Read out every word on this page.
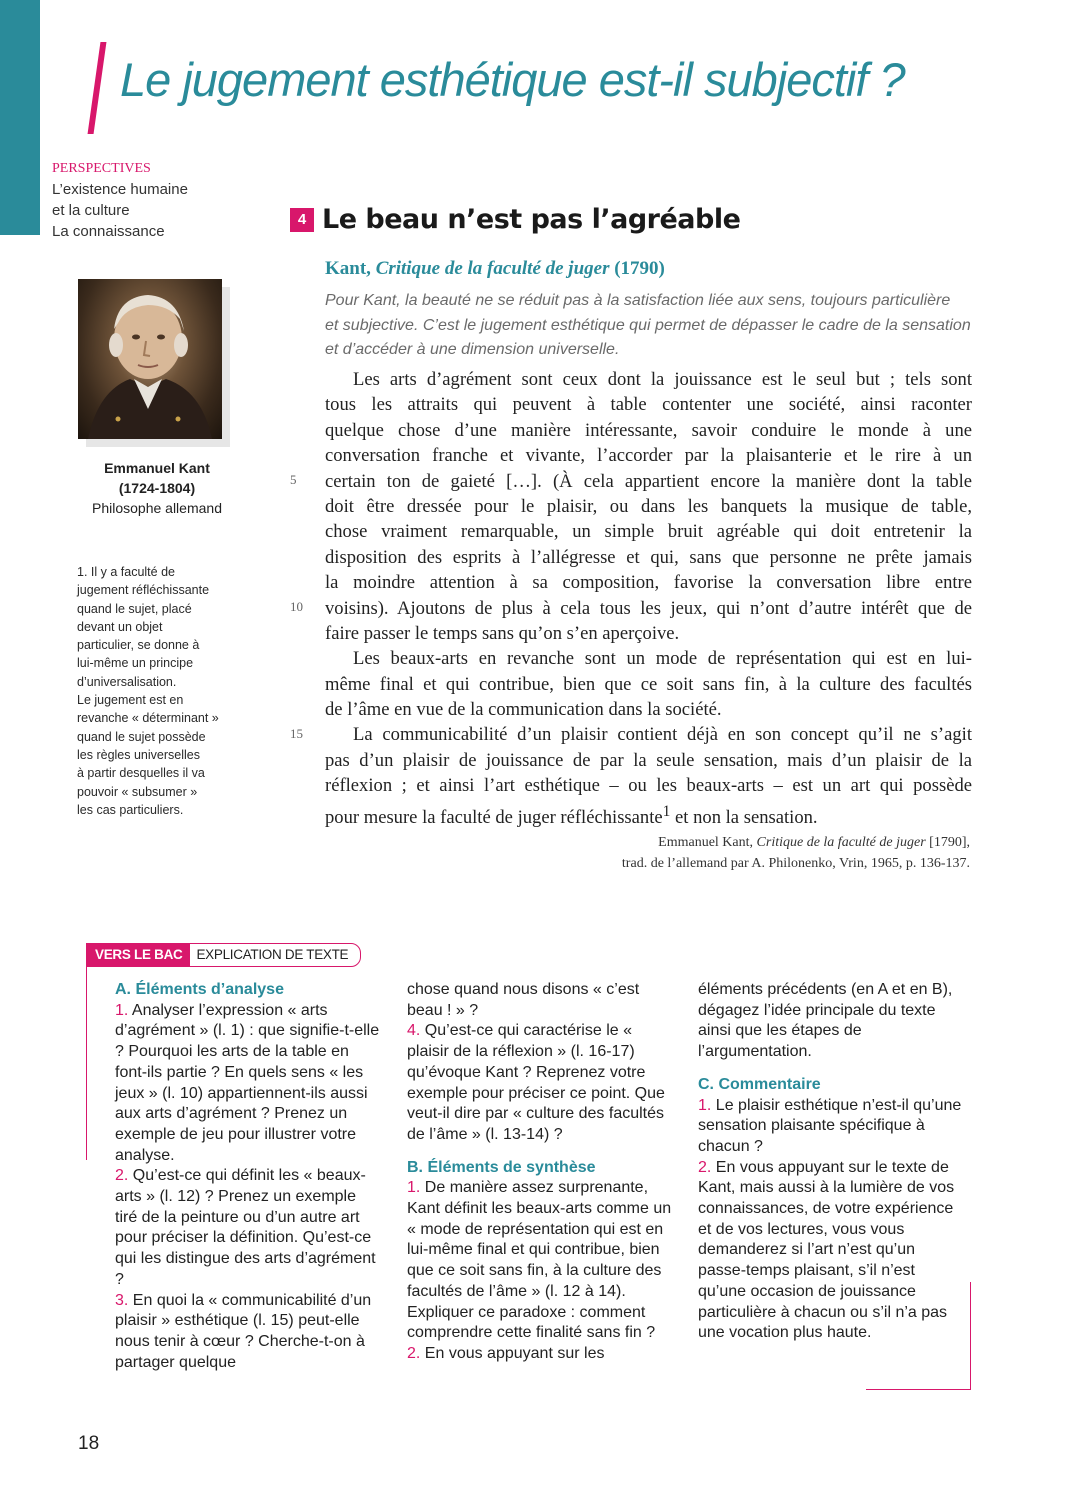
Le jugement esthétique est-il subjectif ?
PERSPECTIVES
L’existence humaine
et la culture
La connaissance
Emmanuel Kant
(1724-1804)
Philosophe allemand
1. Il y a faculté de
jugement réfléchissante
quand le sujet, placé
devant un objet
particulier, se donne à
lui-même un principe
d’universalisation.
Le jugement est en
revanche « déterminant »
quand le sujet possède
les règles universelles
à partir desquelles il va
pouvoir « subsumer »
les cas particuliers.
4 Le beau n’est pas l’agréable
Kant, Critique de la faculté de juger (1790)
Pour Kant, la beauté ne se réduit pas à la satisfaction liée aux sens, toujours particulière
et subjective. C’est le jugement esthétique qui permet de dépasser le cadre de la sensation
et d’accéder à une dimension universelle.
5
10
15
Les arts d’agrément sont ceux dont la jouissance est le seul but ; tels sont
tous les attraits qui peuvent à table contenter une société, ainsi raconter
quelque chose d’une manière intéressante, savoir conduire le monde à une
conversation franche et vivante, l’accorder par la plaisanterie et le rire à un
certain ton de gaieté […]. (À cela appartient encore la manière dont la table
doit être dressée pour le plaisir, ou dans les banquets la musique de table,
chose vraiment remarquable, un simple bruit agréable qui doit entretenir la
disposition des esprits à l’allégresse et qui, sans que personne ne prête jamais
la moindre attention à sa composition, favorise la conversation libre entre
voisins). Ajoutons de plus à cela tous les jeux, qui n’ont d’autre intérêt que de
faire passer le temps sans qu’on s’en aperçoive.
Les beaux-arts en revanche sont un mode de représentation qui est en lui-
même final et qui contribue, bien que ce soit sans fin, à la culture des facultés
de l’âme en vue de la communication dans la société.
La communicabilité d’un plaisir contient déjà en son concept qu’il ne s’agit
pas d’un plaisir de jouissance de par la seule sensation, mais d’un plaisir de la
réflexion ; et ainsi l’art esthétique – ou les beaux-arts – est un art qui possède
pour mesure la faculté de juger réfléchissante$^1$ et non la sensation.
Emmanuel Kant, Critique de la faculté de juger [1790],
trad. de l’allemand par A. Philonenko, Vrin, 1965, p. 136-137.
VERS LE BAC	EXPLICATION DE TEXTE

A. Éléments d’analyse

1. Analyser l’expression « arts d’agrément » (l. 1) : que signifie-t-elle ? Pourquoi les arts de la table en font-ils partie ? En quels sens « les jeux » (l. 10) appartiennent-ils aussi aux arts d’agrément ? Prenez un exemple de jeu pour illustrer votre analyse.

2. Qu’est-ce qui définit les « beaux-arts » (l. 12) ? Prenez un exemple tiré de la peinture ou d’un autre art pour préciser la définition. Qu’est-ce qui les distingue des arts d’agrément ?

3. En quoi la « communicabilité d’un plaisir » esthétique (l. 15) peut-elle nous tenir à cœur ? Cherche-t-on à partager quelque

chose quand nous disons « c’est beau ! » ?

4. Qu’est-ce qui caractérise le « plaisir de la réflexion » (l. 16-17) qu’évoque Kant ? Reprenez votre exemple pour préciser ce point. Que veut-il dire par « culture des facultés de l’âme » (l. 13-14) ?

B. Éléments de synthèse

1. De manière assez surprenante, Kant définit les beaux-arts comme un « mode de représentation qui est en lui-même final et qui contribue, bien que ce soit sans fin, à la culture des facultés de l’âme » (l. 12 à 14). Expliquer ce paradoxe : comment comprendre cette finalité sans fin ?

2. En vous appuyant sur les

éléments précédents (en A et en B), dégagez l’idée principale du texte ainsi que les étapes de l’argumentation.

C. Commentaire

1. Le plaisir esthétique n’est-il qu’une sensation plaisante spécifique à chacun ?

2. En vous appuyant sur le texte de Kant, mais aussi à la lumière de vos connaissances, de votre expérience et de vos lectures, vous vous demanderez si l’art n’est qu’un passe-temps plaisant, s’il n’est qu’une occasion de jouissance particulière à chacun ou s’il n’a pas une vocation plus haute.

18
